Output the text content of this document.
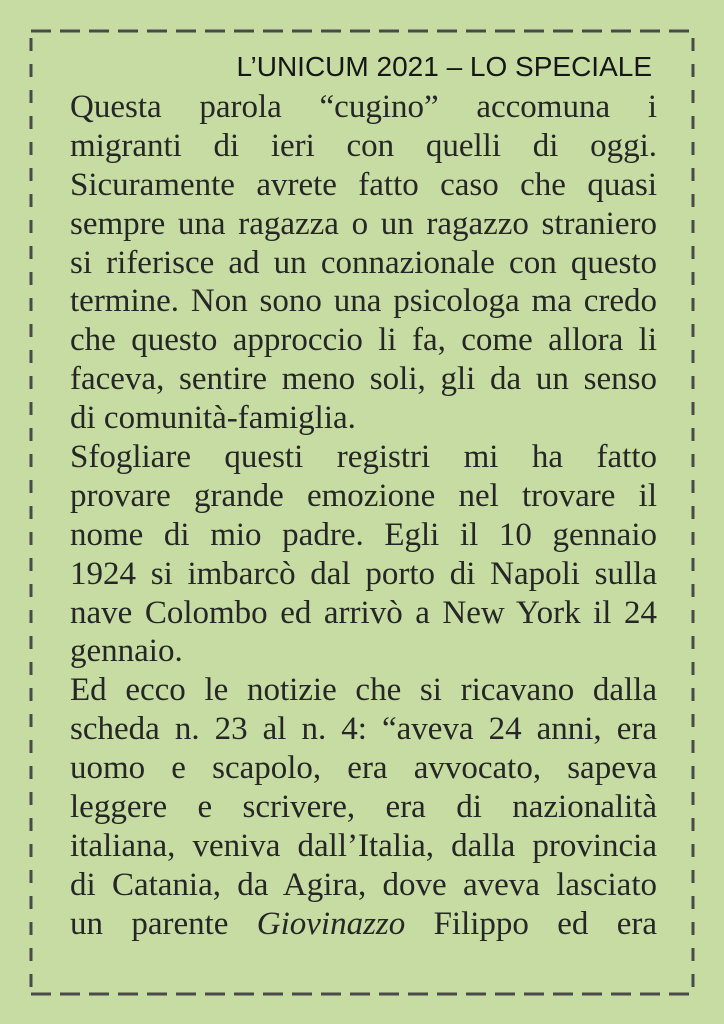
L’UNICUM 2021 – LO SPECIALE
Questa parola “cugino” accomuna i
migranti di ieri con quelli di oggi.
Sicuramente avrete fatto caso che quasi
sempre una ragazza o un ragazzo straniero
si riferisce ad un connazionale con questo
termine. Non sono una psicologa ma credo
che questo approccio li fa, come allora li
faceva, sentire meno soli, gli da un senso
di comunità-famiglia.
Sfogliare questi registri mi ha fatto
provare grande emozione nel trovare il
nome di mio padre. Egli il 10 gennaio
1924 si imbarcò dal porto di Napoli sulla
nave Colombo ed arrivò a New York il 24
gennaio.
Ed ecco le notizie che si ricavano dalla
scheda n. 23 al n. 4: “aveva 24 anni, era
uomo e scapolo, era avvocato, sapeva
leggere e scrivere, era di nazionalità
italiana, veniva dall’Italia, dalla provincia
di Catania, da Agira, dove aveva lasciato
un parente Giovinazzo Filippo ed era
